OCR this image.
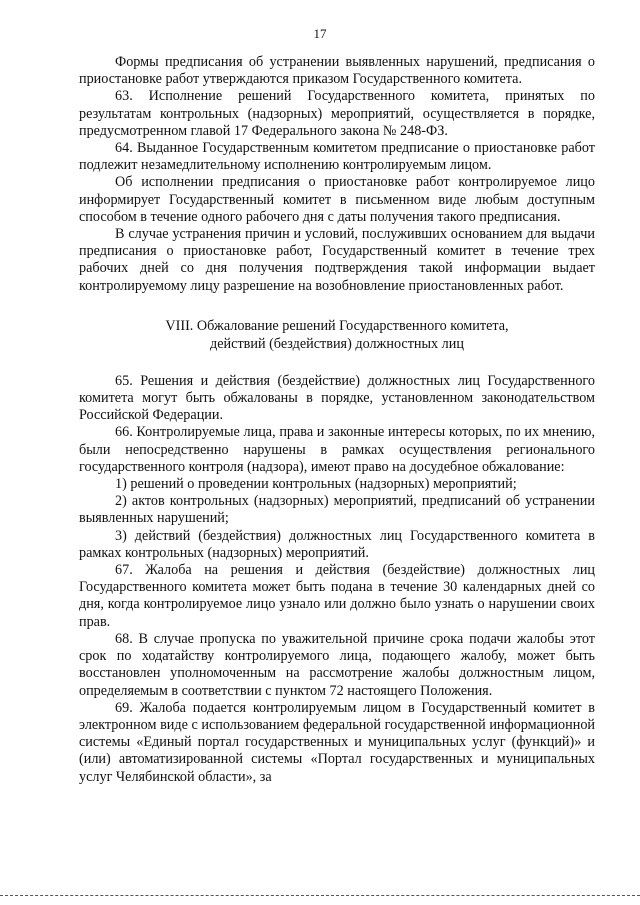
17

Формы предписания об устранении выявленных нарушений, предписания о приостановке работ утверждаются приказом Государственного комитета.

63. Исполнение решений Государственного комитета, принятых по результатам контрольных (надзорных) мероприятий, осуществляется в порядке, предусмотренном главой 17 Федерального закона № 248-ФЗ.

64. Выданное Государственным комитетом предписание о приостановке работ подлежит незамедлительному исполнению контролируемым лицом.

Об исполнении предписания о приостановке работ контролируемое лицо информирует Государственный комитет в письменном виде любым доступным способом в течение одного рабочего дня с даты получения такого предписания.

В случае устранения причин и условий, послуживших основанием для выдачи предписания о приостановке работ, Государственный комитет в течение трех рабочих дней со дня получения подтверждения такой информации выдает контролируемому лицу разрешение на возобновление приостановленных работ.

VIII. Обжалование решений Государственного комитета,
действий (бездействия) должностных лиц

65. Решения и действия (бездействие) должностных лиц Государственного комитета могут быть обжалованы в порядке, установленном законодательством Российской Федерации.

66. Контролируемые лица, права и законные интересы которых, по их мнению, были непосредственно нарушены в рамках осуществления регионального государственного контроля (надзора), имеют право на досудебное обжалование:

1) решений о проведении контрольных (надзорных) мероприятий;

2) актов контрольных (надзорных) мероприятий, предписаний об устранении выявленных нарушений;

3) действий (бездействия) должностных лиц Государственного комитета в рамках контрольных (надзорных) мероприятий.

67. Жалоба на решения и действия (бездействие) должностных лиц Государственного комитета может быть подана в течение 30 календарных дней со дня, когда контролируемое лицо узнало или должно было узнать о нарушении своих прав.

68. В случае пропуска по уважительной причине срока подачи жалобы этот срок по ходатайству контролируемого лица, подающего жалобу, может быть восстановлен уполномоченным на рассмотрение жалобы должностным лицом, определяемым в соответствии с пунктом 72 настоящего Положения.

69. Жалоба подается контролируемым лицом в Государственный комитет в электронном виде с использованием федеральной государственной информационной системы «Единый портал государственных и муниципальных услуг (функций)» и (или) автоматизированной системы «Портал государственных и муниципальных услуг Челябинской области», за
